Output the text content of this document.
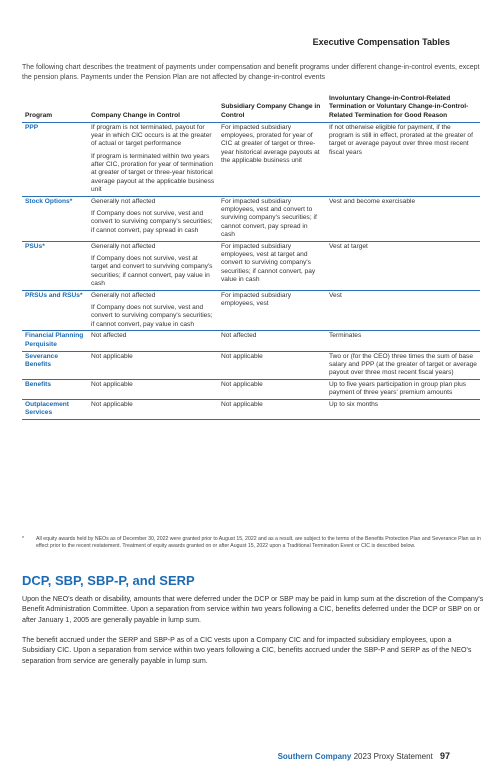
Executive Compensation Tables
The following chart describes the treatment of payments under compensation and benefit programs under different change-in-control events, except the pension plans. Payments under the Pension Plan are not affected by change-in-control events
Program	Company Change in Control	Subsidiary Company Change in Control	Involuntary Change-in-Control-Related Termination or Voluntary Change-in-Control-Related Termination for Good Reason
PPP	If program is not terminated, payout for year in which CIC occurs is at the greater of actual or target performance

If program is terminated within two years after CIC, proration for year of termination at greater of target or three-year historical average payout at the applicable business unit	For impacted subsidiary employees, prorated for year of CIC at greater of target or three-year historical average payouts at the applicable business unit	If not otherwise eligible for payment, if the program is still in effect, prorated at the greater of target or average payout over three most recent fiscal years

Stock Options*	Generally not affected

If Company does not survive, vest and convert to surviving company's securities; if cannot convert, pay spread in cash	For impacted subsidiary employees, vest and convert to surviving company's securities; if cannot convert, pay spread in cash	Vest and become exercisable

PSUs*	Generally not affected

If Company does not survive, vest at target and convert to surviving company's securities; if cannot convert, pay value in cash	For impacted subsidiary employees, vest at target and convert to surviving company's securities; if cannot convert, pay value in cash	Vest at target

PRSUs and RSUs*	Generally not affected

If Company does not survive, vest and convert to surviving company's securities; if cannot convert, pay value in cash	For impacted subsidiary employees, vest	Vest

Financial Planning Perquisite	Not affected	Not affected	Terminates

Severance Benefits	Not applicable	Not applicable	Two or (for the CEO) three times the sum of base salary and PPP (at the greater of target or average payout over three most recent fiscal years)

Benefits	Not applicable	Not applicable	Up to five years participation in group plan plus payment of three years' premium amounts

Outplacement Services	Not applicable	Not applicable	Up to six months

*	All equity awards held by NEOs as of December 30, 2022 were granted prior to August 15, 2022 and as a result, are subject to the terms of the Benefits Protection Plan and Severance Plan as in effect prior to the recent restatement. Treatment of equity awards granted on or after August 15, 2022 upon a Traditional Termination Event or CIC is described below.
DCP, SBP, SBP-P, and SERP

Upon the NEO's death or disability, amounts that were deferred under the DCP or SBP may be paid in lump sum at the discretion of the Company's Benefit Administration Committee. Upon a separation from service within two years following a CIC, benefits deferred under the DCP or SBP on or after January 1, 2005 are generally payable in lump sum.

The benefit accrued under the SERP and SBP-P as of a CIC vests upon a Company CIC and for impacted subsidiary employees, upon a Subsidiary CIC. Upon a separation from service within two years following a CIC, benefits accrued under the SBP-P and SERP as of the NEO's separation from service are generally payable in lump sum.

Southern Company 2023 Proxy Statement 97
